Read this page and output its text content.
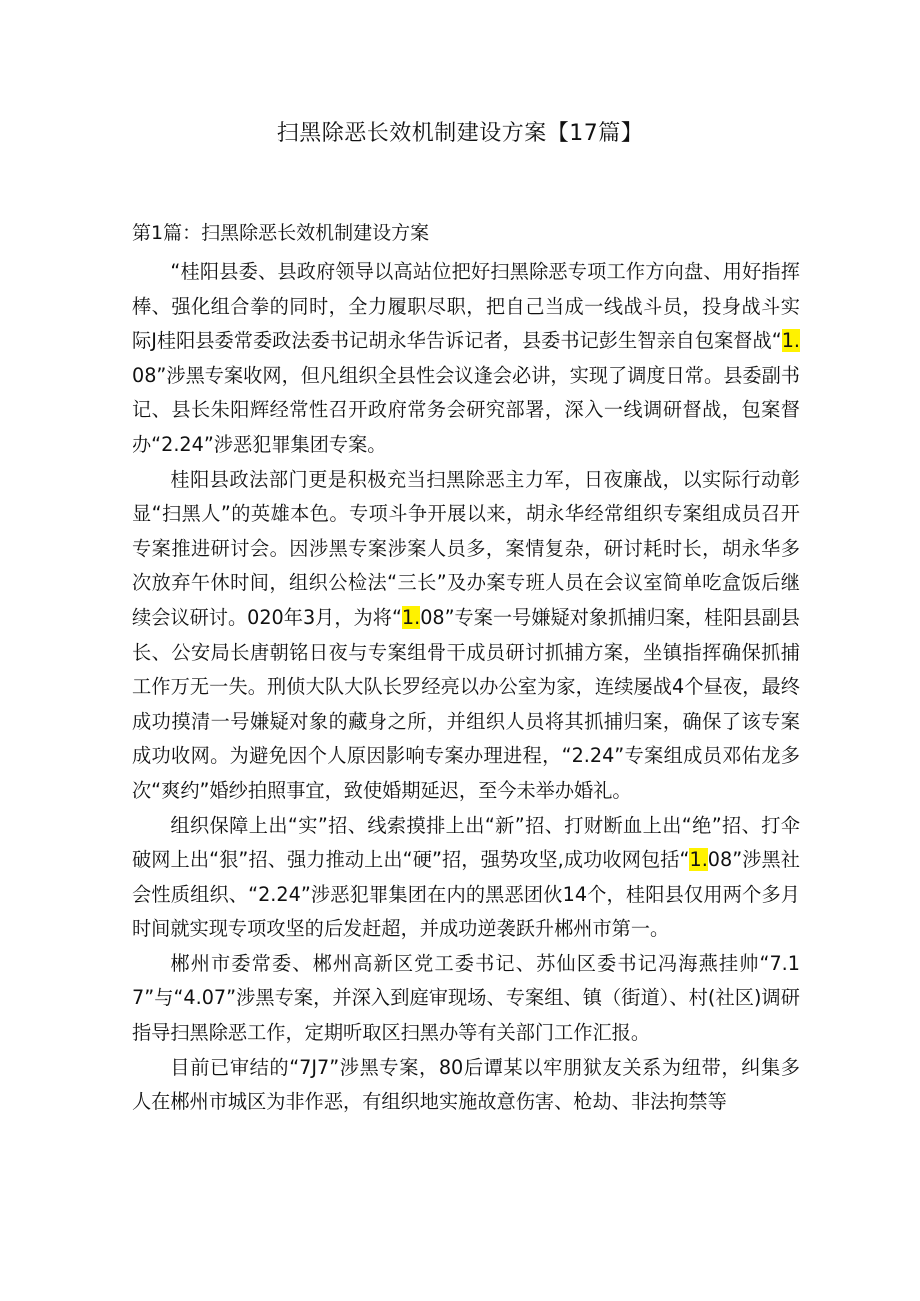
扫黑除恶长效机制建设方案【17篇】
第1篇：扫黑除恶长效机制建设方案

“桂阳县委、县政府领导以高站位把好扫黑除恶专项工作方向盘、用好指挥棒、强化组合拳的同时，全力履职尽职，把自己当成一线战斗员，投身战斗实际J桂阳县委常委政法委书记胡永华告诉记者，县委书记彭生智亲自包案督战“1.08”涉黑专案收网，但凡组织全县性会议逢会必讲，实现了调度日常。县委副书记、县长朱阳辉经常性召开政府常务会研究部署，深入一线调研督战，包案督办“2.24”涉恶犯罪集团专案。

桂阳县政法部门更是积极充当扫黑除恶主力军，日夜廉战，以实际行动彰显“扫黑人”的英雄本色。专项斗争开展以来，胡永华经常组织专案组成员召开专案推进研讨会。因涉黑专案涉案人员多，案情复杂，研讨耗时长，胡永华多次放弃午休时间，组织公检法“三长”及办案专班人员在会议室简单吃盒饭后继续会议研讨。020年3月，为将“1.08”专案一号嫌疑对象抓捕归案，桂阳县副县长、公安局长唐朝铭日夜与专案组骨干成员研讨抓捕方案，坐镇指挥确保抓捕工作万无一失。刑侦大队大队长罗经亮以办公室为家，连续屡战4个昼夜，最终成功摸清一号嫌疑对象的藏身之所，并组织人员将其抓捕归案，确保了该专案成功收网。为避免因个人原因影响专案办理进程，“2.24”专案组成员邓佑龙多次“爽约”婚纱拍照事宜，致使婚期延迟，至今未举办婚礼。

组织保障上出“实”招、线索摸排上出“新”招、打财断血上出“绝”招、打伞破网上出“狠”招、强力推动上出“硬”招，强势攻坚,成功收网包括“1.08”涉黑社会性质组织、“2.24”涉恶犯罪集团在内的黑恶团伙14个，桂阳县仅用两个多月时间就实现专项攻坚的后发赶超，并成功逆袭跃升郴州市第一。

郴州市委常委、郴州高新区党工委书记、苏仙区委书记冯海燕挂帅“7.17”与“4.07”涉黑专案，并深入到庭审现场、专案组、镇（街道）、村(社区)调研指导扫黑除恶工作，定期听取区扫黑办等有关部门工作汇报。

目前已审结的“7J7”涉黑专案，80后谭某以牢朋狱友关系为纽带，纠集多人在郴州市城区为非作恶，有组织地实施故意伤害、枪劫、非法拘禁等
